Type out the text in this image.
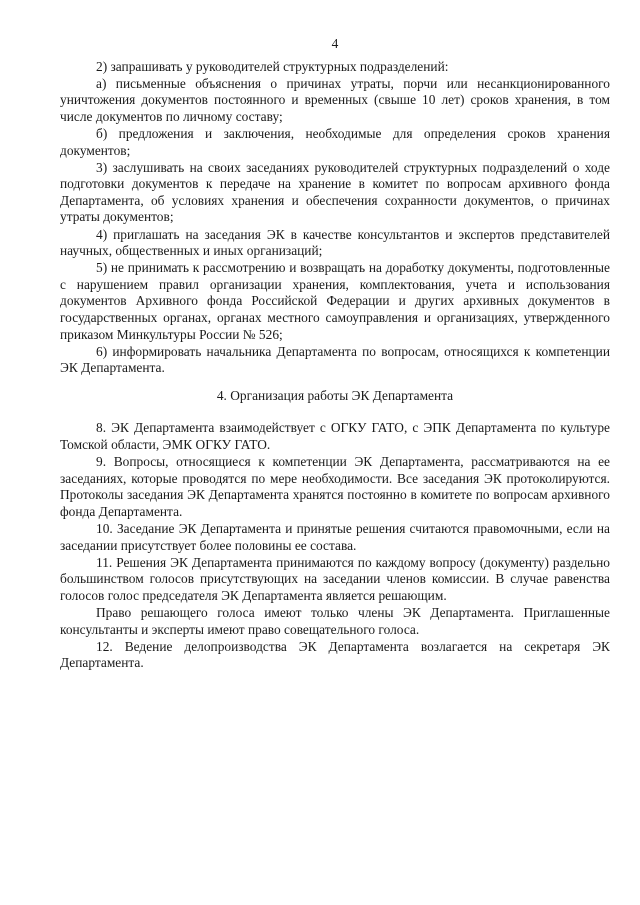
4

2) запрашивать у руководителей структурных подразделений:

а) письменные объяснения о причинах утраты, порчи или несанкционированного уничтожения документов постоянного и временных (свыше 10 лет) сроков хранения, в том числе документов по личному составу;

б) предложения и заключения, необходимые для определения сроков хранения документов;

3) заслушивать на своих заседаниях руководителей структурных подразделений о ходе подготовки документов к передаче на хранение в комитет по вопросам архивного фонда Департамента, об условиях хранения и обеспечения сохранности документов, о причинах утраты документов;

4) приглашать на заседания ЭК в качестве консультантов и экспертов представителей научных, общественных и иных организаций;

5) не принимать к рассмотрению и возвращать на доработку документы, подготовленные с нарушением правил организации хранения, комплектования, учета и использования документов Архивного фонда Российской Федерации и других архивных документов в государственных органах, органах местного самоуправления и организациях, утвержденного приказом Минкультуры России № 526;

6) информировать начальника Департамента по вопросам, относящихся к компетенции ЭК Департамента.

4. Организация работы ЭК Департамента

8. ЭК Департамента взаимодействует с ОГКУ ГАТО, с ЭПК Департамента по культуре Томской области, ЭМК ОГКУ ГАТО.

9. Вопросы, относящиеся к компетенции ЭК Департамента, рассматриваются на ее заседаниях, которые проводятся по мере необходимости. Все заседания ЭК протоколируются. Протоколы заседания ЭК Департамента хранятся постоянно в комитете по вопросам архивного фонда Департамента.

10. Заседание ЭК Департамента и принятые решения считаются правомочными, если на заседании присутствует более половины ее состава.

11. Решения ЭК Департамента принимаются по каждому вопросу (документу) раздельно большинством голосов присутствующих на заседании членов комиссии. В случае равенства голосов голос председателя ЭК Департамента является решающим.

Право решающего голоса имеют только члены ЭК Департамента. Приглашенные консультанты и эксперты имеют право совещательного голоса.

12. Ведение делопроизводства ЭК Департамента возлагается на секретаря ЭК Департамента.
